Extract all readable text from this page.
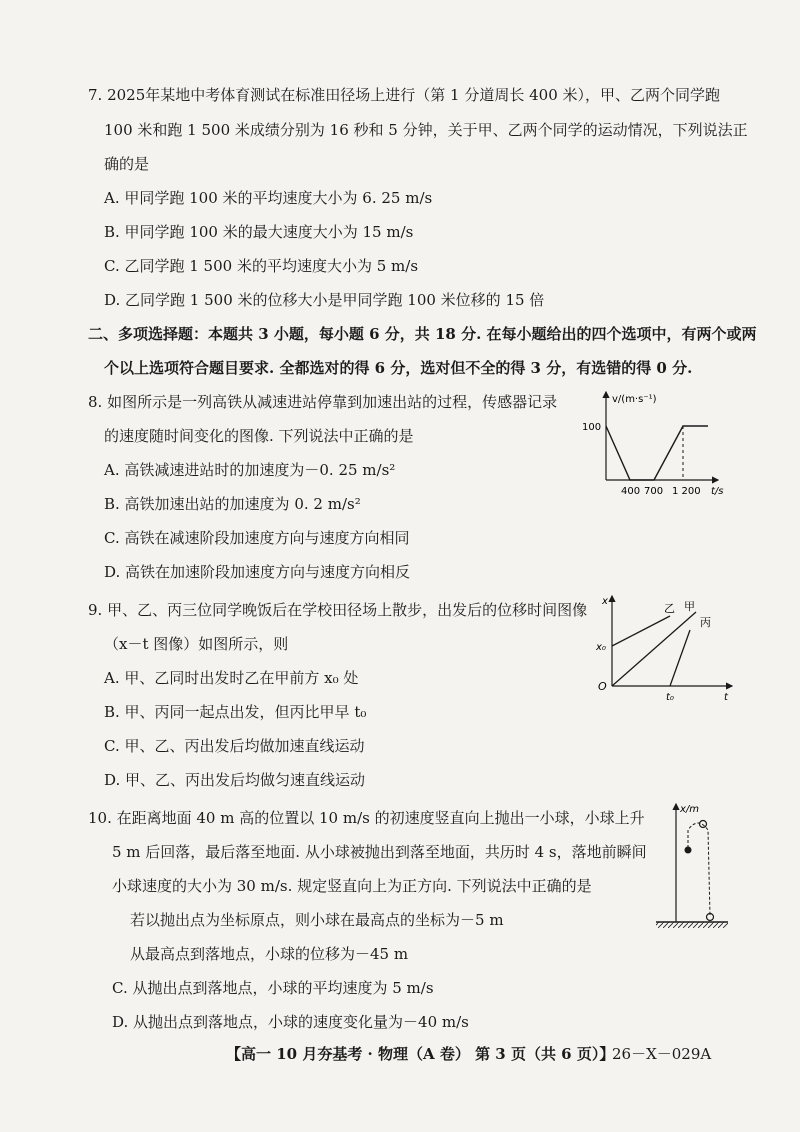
7. 2025年某地中考体育测试在标准田径场上进行（第 1 分道周长 400 米），甲、乙两个同学跑
100 米和跑 1 500 米成绩分别为 16 秒和 5 分钟，关于甲、乙两个同学的运动情况，下列说法正
确的是
A. 甲同学跑 100 米的平均速度大小为 6. 25 m/s
B. 甲同学跑 100 米的最大速度大小为 15 m/s
C. 乙同学跑 1 500 米的平均速度大小为 5 m/s
D. 乙同学跑 1 500 米的位移大小是甲同学跑 100 米位移的 15 倍
二、多项选择题：本题共 3 小题，每小题 6 分，共 18 分. 在每小题给出的四个选项中，有两个或两
个以上选项符合题目要求. 全都选对的得 6 分，选对但不全的得 3 分，有选错的得 0 分.
8. 如图所示是一列高铁从减速进站停靠到加速出站的过程，传感器记录
的速度随时间变化的图像. 下列说法中正确的是
A. 高铁减速进站时的加速度为－0. 25 m/s²
B. 高铁加速出站的加速度为 0. 2 m/s²
C. 高铁在减速阶段加速度方向与速度方向相同
D. 高铁在加速阶段加速度方向与速度方向相反
v/(m·s⁻¹)
100
400 700 1 200 t/s
9. 甲、乙、丙三位同学晚饭后在学校田径场上散步，出发后的位移时间图像
（x－t 图像）如图所示，则
A. 甲、乙同时出发时乙在甲前方 x₀ 处
B. 甲、丙同一起点出发，但丙比甲早 t₀
C. 甲、乙、丙出发后均做加速直线运动
D. 甲、乙、丙出发后均做匀速直线运动
x
t
O
x₀
t₀
乙 甲
丙
10. 在距离地面 40 m 高的位置以 10 m/s 的初速度竖直向上抛出一小球，小球上升
5 m 后回落，最后落至地面. 从小球被抛出到落至地面，共历时 4 s，落地前瞬间
小球速度的大小为 30 m/s. 规定竖直向上为正方向. 下列说法中正确的是
若以抛出点为坐标原点，则小球在最高点的坐标为－5 m
从最高点到落地点，小球的位移为－45 m
C. 从抛出点到落地点，小球的平均速度为 5 m/s
D. 从抛出点到落地点，小球的速度变化量为－40 m/s
x/m
【高一 10 月夯基考 · 物理（A 卷） 第 3 页（共 6 页）】
26－X－029A
